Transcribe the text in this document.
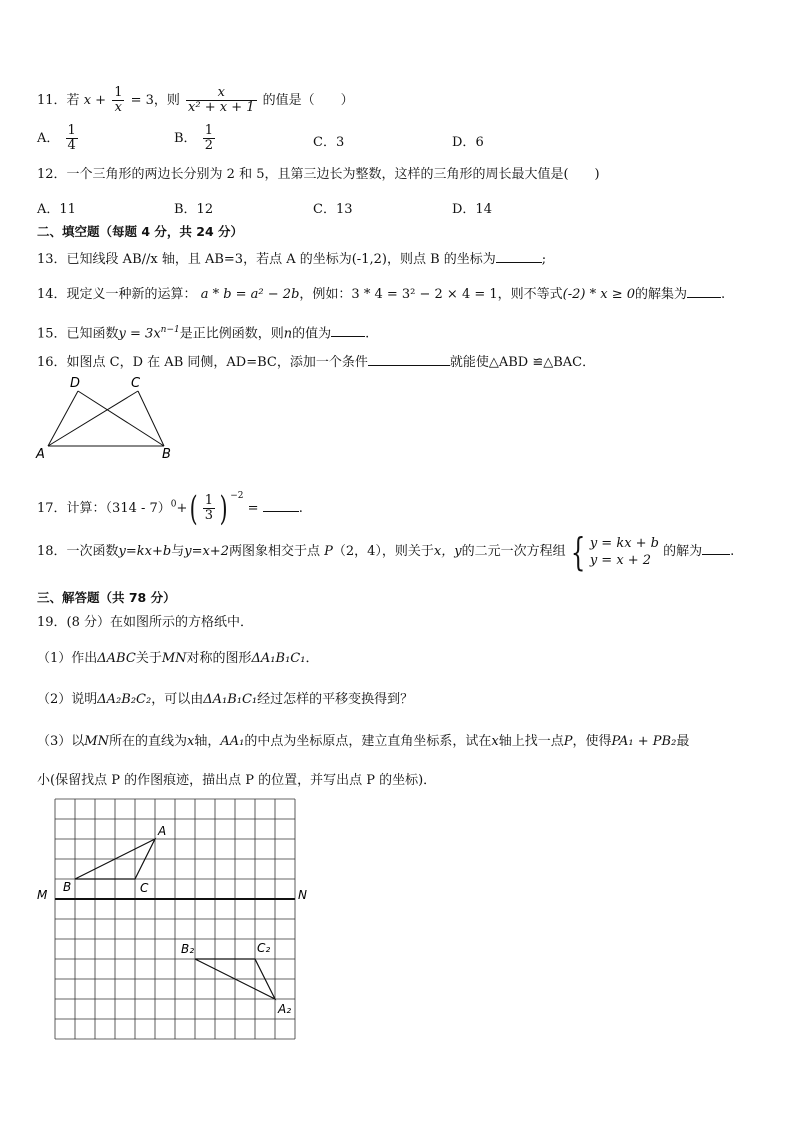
11．若 $x + \frac{1}{x} = 3$，则 $\frac{x}{\text{x² + x + 1}}$ 的值是（　　）
A． $\frac{1}{4}$	B． $\frac{1}{2}$	C．3	D．6
12．一个三角形的两边长分别为 2 和 5，且第三边长为整数，这样的三角形的周长最大值是(　　)
A．11	B．12	C．13	D．14
二、填空题（每题 4 分，共 24 分）
13．已知线段 AB//x 轴，且 AB=3，若点 A 的坐标为(-1,2)，则点 B 的坐标为	;
14．现定义一种新的运算： a * b = a² − 2b，例如：3 * 4 = 3² − 2 × 4 = 1，则不等式(-2) * x ≥ 0的解集为	.
15．已知函数$y = 3x^{n-1}$是正比例函数，则n的值为	.
16．如图点 C，D 在 AB 同侧，AD=BC，添加一个条件	就能使△ABD ≌△BAC．
D	C
A	B
17．计算：$(314 - 7)^0+( \frac{1}{3}$ ) $^{-2}$ =	.
18．一次函数y=kx+b与y=x+2两图象相交于点 P（2，4），则关于x，y的二元一次方程组 { y = kx + b
y = x + 2
的解为 .
三、解答题（共 78 分）
19．(8 分）在如图所示的方格纸中．
（1）作出ΔABC关于MN对称的图形ΔA₁B₁C₁．
（2）说明ΔA₂B₂C₂，可以由ΔA₁B₁C₁经过怎样的平移变换得到？
（3）以MN所在的直线为x轴，AA₁的中点为坐标原点，建立直角坐标系，试在x轴上找一点P，使得PA₁ + PB₂最
小(保留找点 P 的作图痕迹，描出点 P 的位置，并写出点 P 的坐标)．
A
B	C
M	N
B₂	C₂
A₂
